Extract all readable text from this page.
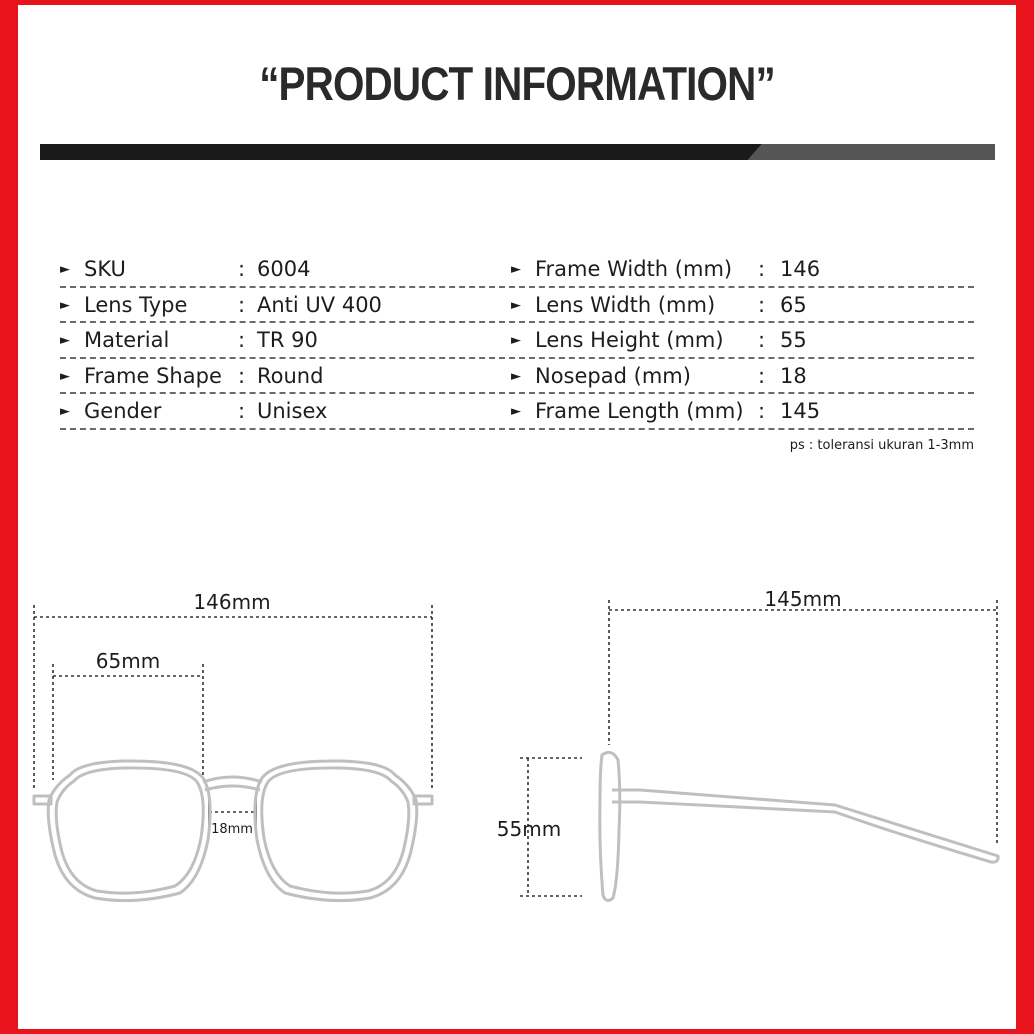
“PRODUCT INFORMATION”
► SKU	: 6004	► Frame Width (mm) : 146
► Lens Type : Anti UV 400	► Lens Width (mm) : 65
► Material	: TR 90	► Lens Height (mm) : 55
► Frame Shape : Round	► Nosepad (mm)	: 18
► Gender	: Unisex	► Frame Length (mm) : 145
ps : toleransi ukuran 1-3mm
146mm
65mm
18mm
145mm
55mm
